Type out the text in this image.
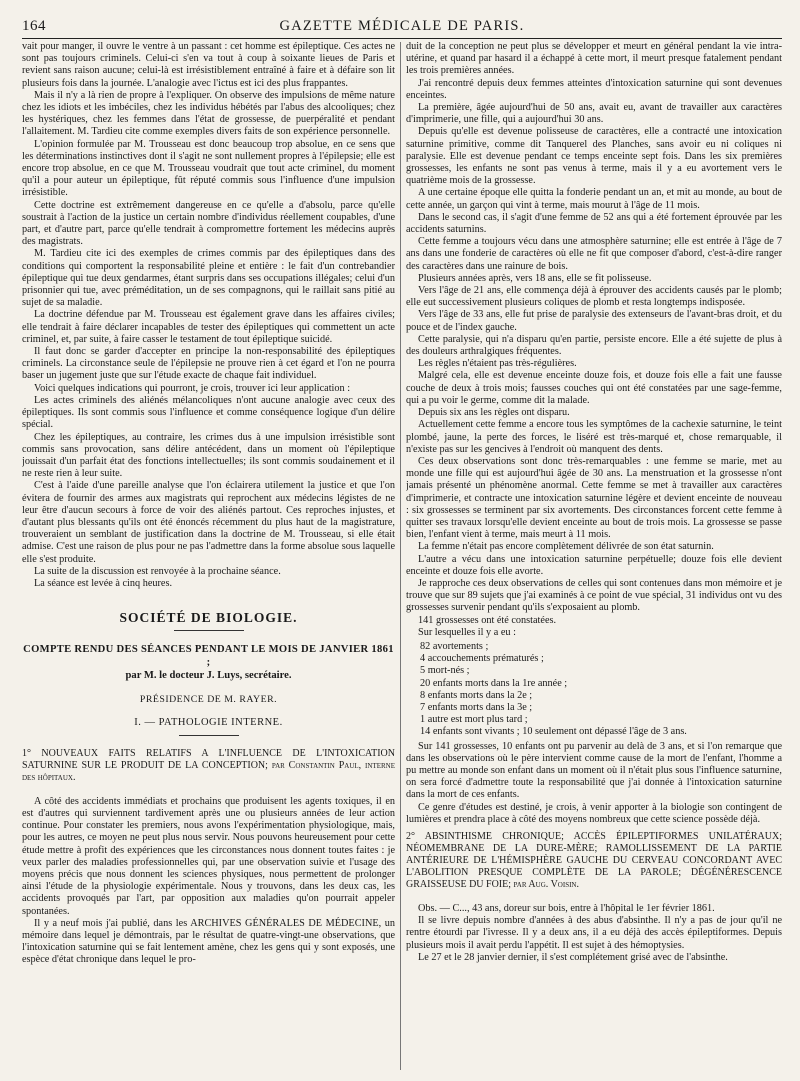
164	GAZETTE MÉDICALE DE PARIS.

vait pour manger, il ouvre le ventre à un passant : cet homme est épileptique. Ces actes ne sont pas toujours criminels. Celui-ci s'en va tout à coup à soixante lieues de Paris et revient sans raison aucune; celui-là est irrésistiblement entraîné à faire et à défaire son lit plusieurs fois dans la journée. L'analogie avec l'ictus est ici des plus frappantes.

Mais il n'y a là rien de propre à l'expliquer. On observe des impulsions de même nature chez les idiots et les imbéciles, chez les individus hébétés par l'abus des alcooliques; chez les hystériques, chez les femmes dans l'état de grossesse, de puerpéralité et pendant l'allaitement. M. Tardieu cite comme exemples divers faits de son expérience personnelle.

L'opinion formulée par M. Trousseau est donc beaucoup trop absolue, en ce sens que les déterminations instinctives dont il s'agit ne sont nullement propres à l'épilepsie; elle est encore trop absolue, en ce que M. Trousseau voudrait que tout acte criminel, du moment qu'il a pour auteur un épileptique, fût réputé commis sous l'influence d'une impulsion irrésistible.

Cette doctrine est extrêmement dangereuse en ce qu'elle a d'absolu, parce qu'elle soustrait à l'action de la justice un certain nombre d'individus réellement coupables, d'une part, et d'autre part, parce qu'elle tendrait à compromettre fortement les médecins auprès des magistrats.

M. Tardieu cite ici des exemples de crimes commis par des épileptiques dans des conditions qui comportent la responsabilité pleine et entière : le fait d'un contrebandier épileptique qui tue deux gendarmes, étant surpris dans ses occupations illégales; celui d'un prisonnier qui tue, avec préméditation, un de ses compagnons, qui le raillait sans pitié au sujet de sa maladie.

La doctrine défendue par M. Trousseau est également grave dans les affaires civiles; elle tendrait à faire déclarer incapables de tester des épileptiques qui commettent un acte criminel, et, par suite, à faire casser le testament de tout épileptique suicidé.

Il faut donc se garder d'accepter en principe la non-responsabilité des épileptiques criminels. La circonstance seule de l'épilepsie ne prouve rien à cet égard et l'on ne pourra baser un jugement juste que sur l'étude exacte de chaque fait individuel.

Voici quelques indications qui pourront, je crois, trouver ici leur application :

Les actes criminels des aliénés mélancoliques n'ont aucune analogie avec ceux des épileptiques. Ils sont commis sous l'influence et comme conséquence logique d'un délire spécial.

Chez les épileptiques, au contraire, les crimes dus à une impulsion irrésistible sont commis sans provocation, sans délire antécédent, dans un moment où l'épileptique jouissait d'un parfait état des fonctions intellectuelles; ils sont commis soudainement et il ne reste rien à leur suite.

C'est à l'aide d'une pareille analyse que l'on éclairera utilement la justice et que l'on évitera de fournir des armes aux magistrats qui reprochent aux médecins légistes de ne leur être d'aucun secours à force de voir des aliénés partout. Ces reproches injustes, et d'autant plus blessants qu'ils ont été énoncés récemment du plus haut de la magistrature, trouveraient un semblant de justification dans la doctrine de M. Trousseau, si elle était admise. C'est une raison de plus pour ne pas l'admettre dans la forme absolue sous laquelle elle s'est produite.

La suite de la discussion est renvoyée à la prochaine séance.

La séance est levée à cinq heures.

SOCIÉTÉ DE BIOLOGIE.
COMPTE RENDU DES SÉANCES PENDANT LE MOIS DE JANVIER 1861 ;
par M. le docteur J. Luys, secrétaire.
PRÉSIDENCE DE M. RAYER.
I. — PATHOLOGIE INTERNE.
1° NOUVEAUX FAITS RELATIFS A L'INFLUENCE DE L'INTOXICATION SATURNINE SUR LE PRODUIT DE LA CONCEPTION; par Constantin Paul, interne des hôpitaux.

A côté des accidents immédiats et prochains que produisent les agents toxiques, il en est d'autres qui surviennent tardivement après une ou plusieurs années de leur action continue. Pour constater les premiers, nous avons l'expérimentation physiologique, mais, pour les autres, ce moyen ne peut plus nous servir. Nous pouvons heureusement pour cette étude mettre à profit des expériences que les circonstances nous donnent toutes faites : je veux parler des maladies professionnelles qui, par une observation suivie et l'usage des moyens précis que nous donnent les sciences physiques, nous permettent de prolonger ainsi l'étude de la physiologie expérimentale. Nous y trouvons, dans les deux cas, les accidents provoqués par l'art, par opposition aux maladies qu'on pourrait appeler spontanées.

Il y a neuf mois j'ai publié, dans les ARCHIVES GÉNÉRALES DE MÉDECINE, un mémoire dans lequel je démontrais, par le résultat de quatre-vingt-une observations, que l'intoxication saturnine qui se fait lentement amène, chez les gens qui y sont exposés, une espèce d'état chronique dans lequel le pro-

duit de la conception ne peut plus se développer et meurt en général pendant la vie intra-utérine, et quand par hasard il a échappé à cette mort, il meurt presque fatalement pendant les trois premières années.

J'ai rencontré depuis deux femmes atteintes d'intoxication saturnine qui sont devenues enceintes.

La première, âgée aujourd'hui de 50 ans, avait eu, avant de travailler aux caractères d'imprimerie, une fille, qui a aujourd'hui 30 ans.

Depuis qu'elle est devenue polisseuse de caractères, elle a contracté une intoxication saturnine primitive, comme dit Tanquerel des Planches, sans avoir eu ni coliques ni paralysie. Elle est devenue pendant ce temps enceinte sept fois. Dans les six premières grossesses, les enfants ne sont pas venus à terme, mais il y a eu avortement vers le quatrième mois de la grossesse.

A une certaine époque elle quitta la fonderie pendant un an, et mit au monde, au bout de cette année, un garçon qui vint à terme, mais mourut à l'âge de 11 mois.

Dans le second cas, il s'agit d'une femme de 52 ans qui a été fortement éprouvée par les accidents saturnins.

Cette femme a toujours vécu dans une atmosphère saturnine; elle est entrée à l'âge de 7 ans dans une fonderie de caractères où elle ne fit que composer d'abord, c'est-à-dire ranger des caractères dans une rainure de bois.

Plusieurs années après, vers 18 ans, elle se fit polisseuse.

Vers l'âge de 21 ans, elle commença déjà à éprouver des accidents causés par le plomb; elle eut successivement plusieurs coliques de plomb et resta longtemps indisposée.

Vers l'âge de 33 ans, elle fut prise de paralysie des extenseurs de l'avant-bras droit, et du pouce et de l'index gauche.

Cette paralysie, qui n'a disparu qu'en partie, persiste encore. Elle a été sujette de plus à des douleurs arthralgiques fréquentes.

Les règles n'étaient pas très-régulières.

Malgré cela, elle est devenue enceinte douze fois, et douze fois elle a fait une fausse couche de deux à trois mois; fausses couches qui ont été constatées par une sage-femme, qui a pu voir le germe, comme dit la malade.

Depuis six ans les règles ont disparu.

Actuellement cette femme a encore tous les symptômes de la cachexie saturnine, le teint plombé, jaune, la perte des forces, le liséré est très-marqué et, chose remarquable, il n'existe pas sur les gencives à l'endroit où manquent des dents.

Ces deux observations sont donc très-remarquables : une femme se marie, met au monde une fille qui est aujourd'hui âgée de 30 ans. La menstruation et la grossesse n'ont jamais présenté un phénomène anormal. Cette femme se met à travailler aux caractères d'imprimerie, et contracte une intoxication saturnine légère et devient enceinte de nouveau : six grossesses se terminent par six avortements. Des circonstances forcent cette femme à quitter ses travaux lorsqu'elle devient enceinte au bout de trois mois. La grossesse se passe bien, l'enfant vient à terme, mais meurt à 11 mois.

La femme n'était pas encore complètement délivrée de son état saturnin.

L'autre a vécu dans une intoxication saturnine perpétuelle; douze fois elle devient enceinte et douze fois elle avorte.

Je rapproche ces deux observations de celles qui sont contenues dans mon mémoire et je trouve que sur 89 sujets que j'ai examinés à ce point de vue spécial, 31 individus ont vu des grossesses survenir pendant qu'ils s'exposaient au plomb.

141 grossesses ont été constatées.

Sur lesquelles il y a eu :

82 avortements ;
4 accouchements prématurés ;
5 mort-nés ;
20 enfants morts dans la 1re année ;
8 enfants morts dans la 2e ;
7 enfants morts dans la 3e ;
1 autre est mort plus tard ;
14 enfants sont vivants ; 10 seulement ont dépassé l'âge de 3 ans.

Sur 141 grossesses, 10 enfants ont pu parvenir au delà de 3 ans, et si l'on remarque que dans les observations où le père intervient comme cause de la mort de l'enfant, l'homme a pu mettre au monde son enfant dans un moment où il n'était plus sous l'influence saturnine, on sera forcé d'admettre toute la responsabilité que j'ai donnée à l'intoxication saturnine dans la mort de ces enfants.

Ce genre d'études est destiné, je crois, à venir apporter à la biologie son contingent de lumières et prendra place à côté des moyens nombreux que cette science possède déjà.

2° ABSINTHISME CHRONIQUE; ACCÈS ÉPILEPTIFORMES UNILATÉRAUX; NÉOMEMBRANE DE LA DURE-MÈRE; RAMOLLISSEMENT DE LA PARTIE ANTÉRIEURE DE L'HÉMISPHÈRE GAUCHE DU CERVEAU CONCORDANT AVEC L'ABOLITION PRESQUE COMPLÈTE DE LA PAROLE; DÉGÉNÉRESCENCE GRAISSEUSE DU FOIE; par Aug. Voisin.

Obs. — C..., 43 ans, doreur sur bois, entre à l'hôpital le 1er février 1861.

Il se livre depuis nombre d'années à des abus d'absinthe. Il n'y a pas de jour qu'il ne rentre étourdi par l'ivresse. Il y a deux ans, il a eu déjà des accès épileptiformes. Depuis plusieurs mois il avait perdu l'appétit. Il est sujet à des hémoptysies.

Le 27 et le 28 janvier dernier, il s'est complétement grisé avec de l'absinthe.
